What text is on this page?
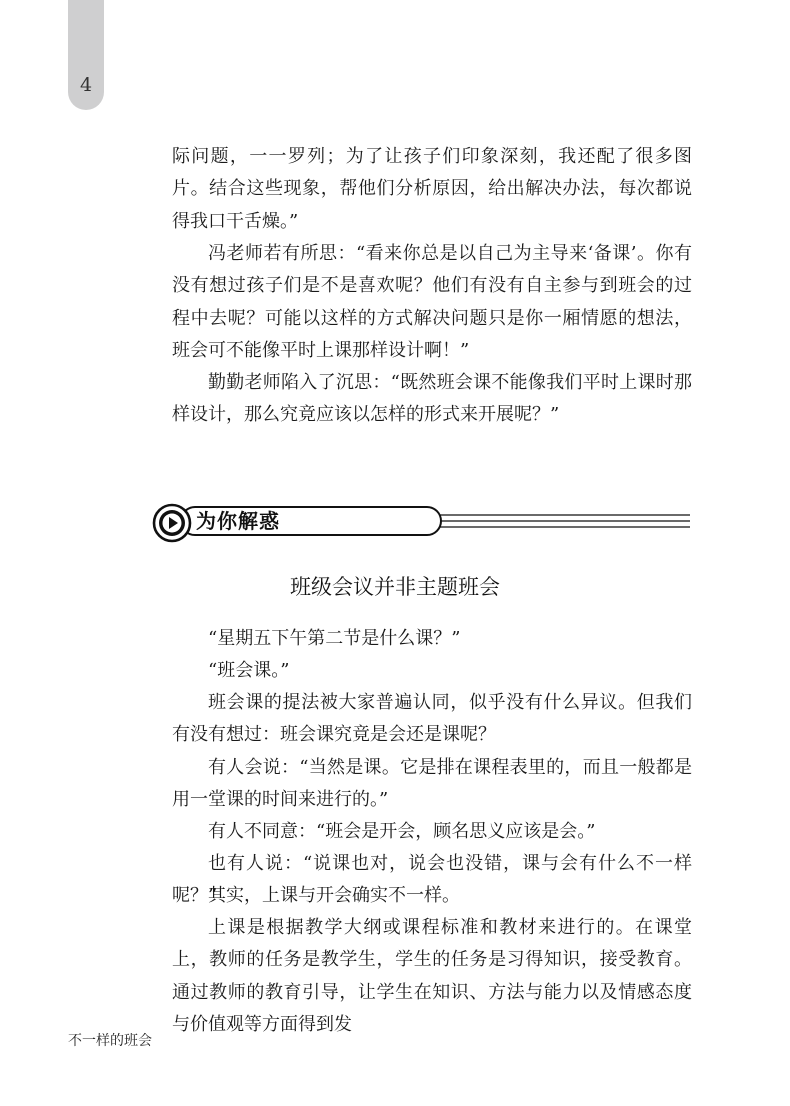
4

际问题，一一罗列；为了让孩子们印象深刻，我还配了很多图片。结合这些现象，帮他们分析原因，给出解决办法，每次都说得我口干舌燥。”

冯老师若有所思：“看来你总是以自己为主导来‘备课’。你有没有想过孩子们是不是喜欢呢？他们有没有自主参与到班会的过程中去呢？可能以这样的方式解决问题只是你一厢情愿的想法，班会可不能像平时上课那样设计啊！”

勤勤老师陷入了沉思：“既然班会课不能像我们平时上课时那样设计，那么究竟应该以怎样的形式来开展呢？”

为你解惑
班级会议并非主题班会

“星期五下午第二节是什么课？”

“班会课。”

班会课的提法被大家普遍认同，似乎没有什么异议。但我们有没有想过：班会课究竟是会还是课呢？

有人会说：“当然是课。它是排在课程表里的，而且一般都是用一堂课的时间来进行的。”

有人不同意：“班会是开会，顾名思义应该是会。”

也有人说：“说课也对，说会也没错，课与会有什么不一样呢？”

其实，上课与开会确实不一样。

上课是根据教学大纲或课程标准和教材来进行的。在课堂上，教师的任务是教学生，学生的任务是习得知识，接受教育。通过教师的教育引导，让学生在知识、方法与能力以及情感态度与价值观等方面得到发

不一样的班会
